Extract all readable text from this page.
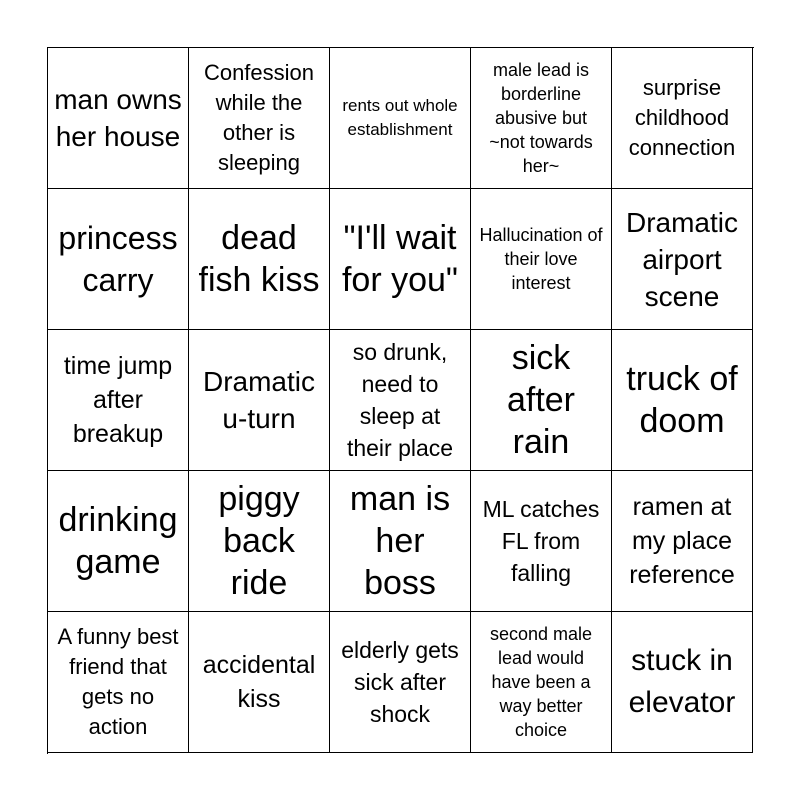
man owns her house
Confession while the other is sleeping
rents out whole establishment
male lead is borderline abusive but ~not towards her~
surprise childhood connection
princess carry
dead fish kiss
"I'll wait for you"
Hallucination of their love interest
Dramatic airport scene
time jump after breakup
Dramatic u-turn
so drunk, need to sleep at their place
sick after rain
truck of doom
drinking game
piggy back ride
man is her boss
ML catches FL from falling
ramen at my place reference
A funny best friend that gets no action
accidental kiss
elderly gets sick after shock
second male lead would have been a way better choice
stuck in elevator
